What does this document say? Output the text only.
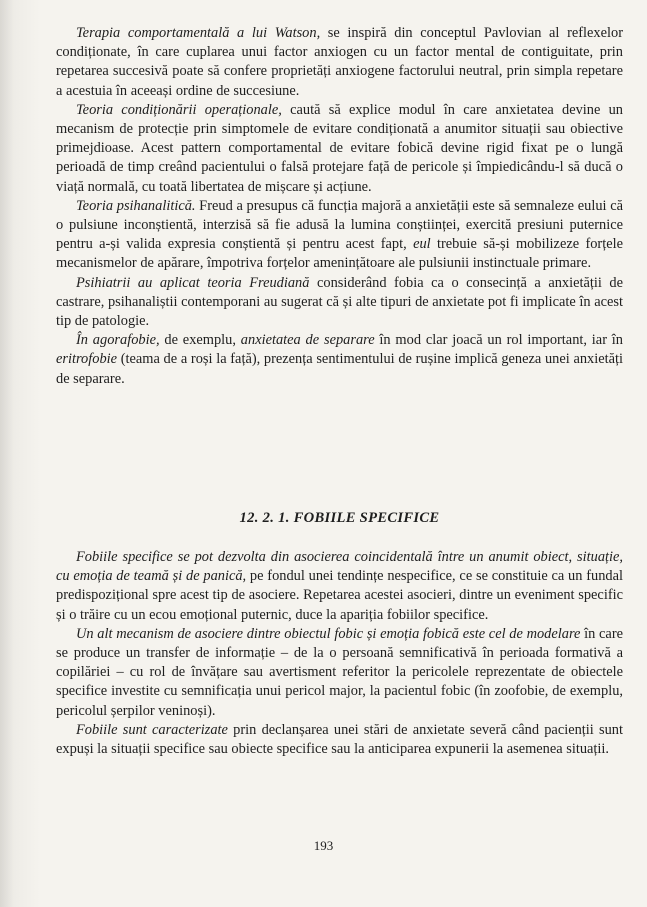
Terapia comportamentală a lui Watson, se inspiră din conceptul Pavlovian al reflexelor condiționate, în care cuplarea unui factor anxiogen cu un factor mental de contiguitate, prin repetarea succesivă poate să confere proprietăți anxiogene factorului neutral, prin simpla repetare a acestuia în aceeași ordine de succesiune.

Teoria condiționării operaționale, caută să explice modul în care anxietatea devine un mecanism de protecție prin simptomele de evitare condiționată a anumitor situații sau obiective primejdioase. Acest pattern comportamental de evitare fobică devine rigid fixat pe o lungă perioadă de timp creând pacientului o falsă protejare față de pericole și împiedicându-l să ducă o viață normală, cu toată libertatea de mișcare și acțiune.

Teoria psihanalitică. Freud a presupus că funcția majoră a anxietății este să semnaleze eului că o pulsiune inconștientă, interzisă să fie adusă la lumina conștiinței, exercită presiuni puternice pentru a-și valida expresia conștientă și pentru acest fapt, eul trebuie să-și mobilizeze forțele mecanismelor de apărare, împotriva forțelor amenințătoare ale pulsiunii instinctuale primare.

Psihiatrii au aplicat teoria Freudiană considerând fobia ca o consecință a anxietății de castrare, psihanaliștii contemporani au sugerat că și alte tipuri de anxietate pot fi implicate în acest tip de patologie.

În agorafobie, de exemplu, anxietatea de separare în mod clar joacă un rol important, iar în eritrofobie (teama de a roși la față), prezența sentimentului de rușine implică geneza unei anxietăți de separare.

12. 2. 1. FOBIILE SPECIFICE

Fobiile specifice se pot dezvolta din asocierea coincidentală între un anumit obiect, situație, cu emoția de teamă și de panică, pe fondul unei tendințe nespecifice, ce se constituie ca un fundal predispozițional spre acest tip de asociere. Repetarea acestei asocieri, dintre un eveniment specific și o trăire cu un ecou emoțional puternic, duce la apariția fobiilor specifice.

Un alt mecanism de asociere dintre obiectul fobic și emoția fobică este cel de modelare în care se produce un transfer de informație – de la o persoană semnificativă în perioada formativă a copilăriei – cu rol de învățare sau avertisment referitor la pericolele reprezentate de obiectele specifice investite cu semnificația unui pericol major, la pacientul fobic (în zoofobie, de exemplu, pericolul șerpilor veninoși).

Fobiile sunt caracterizate prin declanșarea unei stări de anxietate severă când pacienții sunt expuși la situații specifice sau obiecte specifice sau la anticiparea expunerii la asemenea situații.

193
